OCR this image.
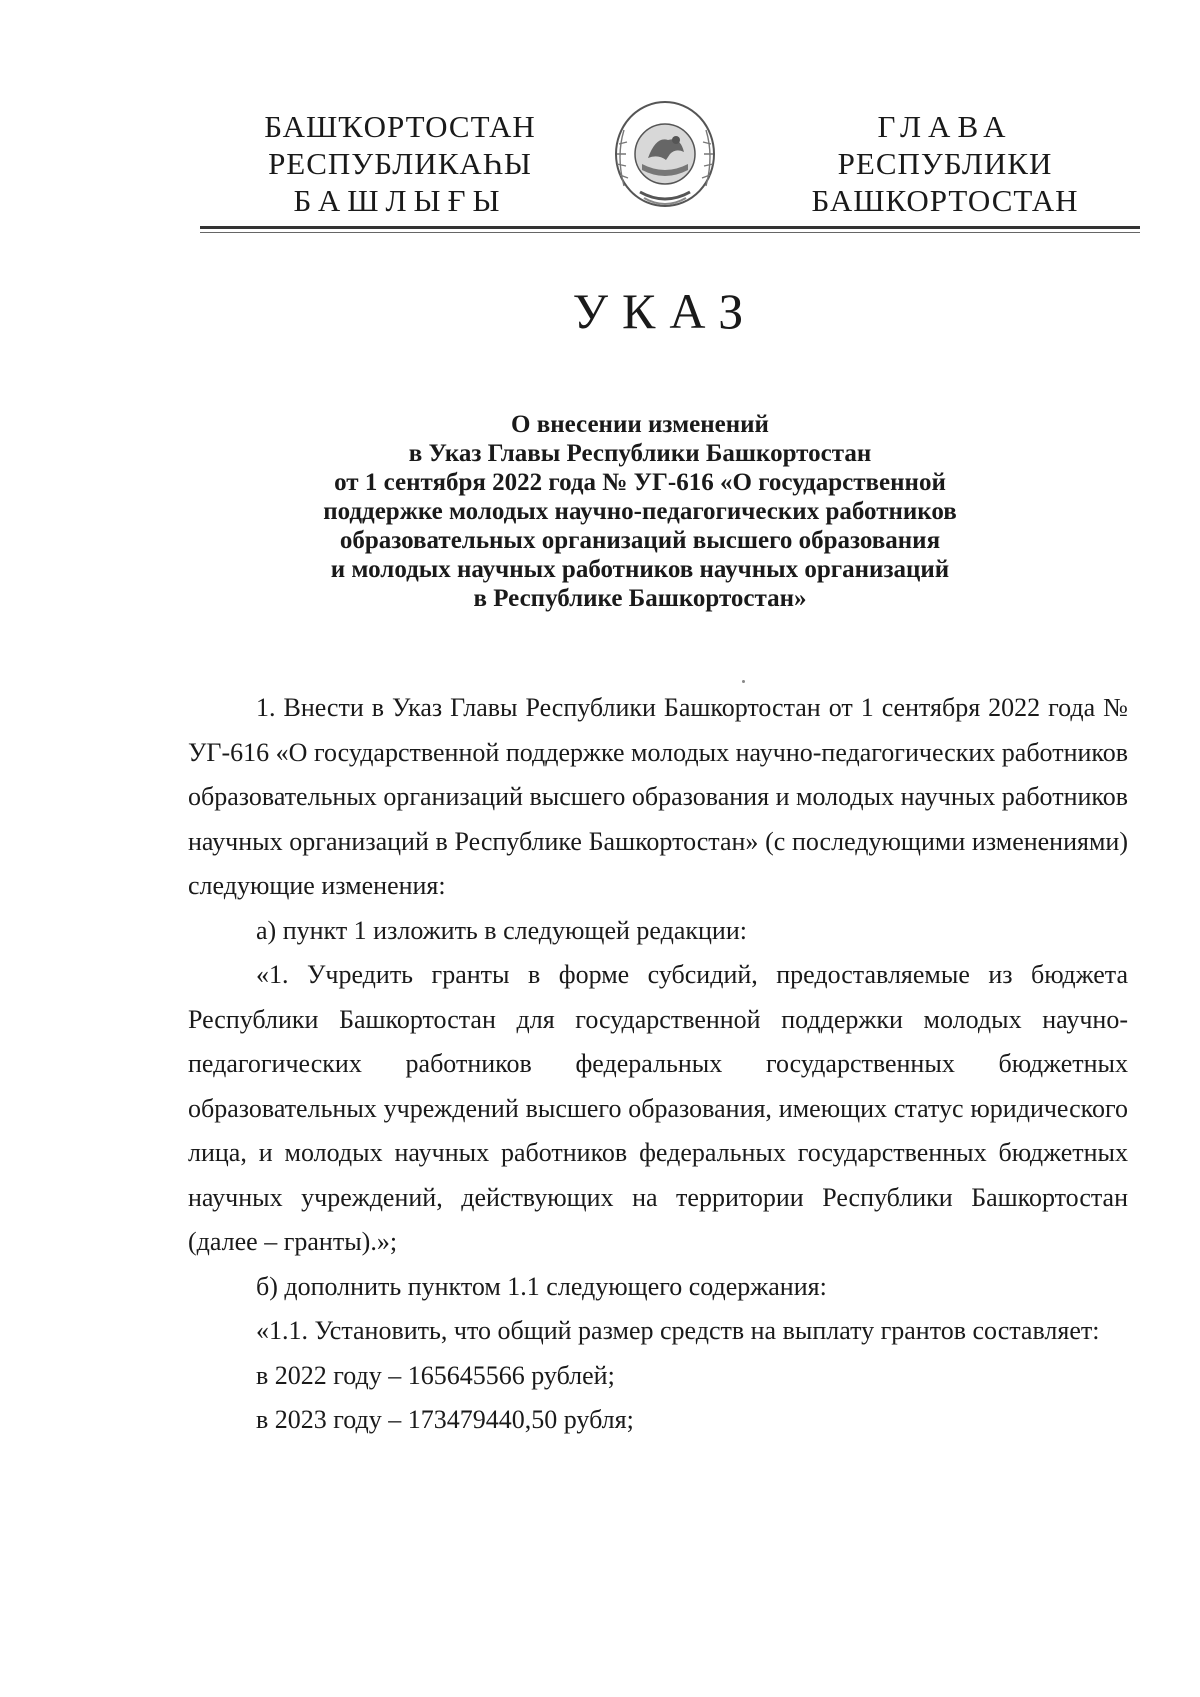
БАШҠОРТОСТАН
РЕСПУБЛИКАҺЫ
БАШЛЫҒЫ
ГЛАВА
РЕСПУБЛИКИ
БАШКОРТОСТАН
УКАЗ
О внесении изменений
в Указ Главы Республики Башкортостан
от 1 сентября 2022 года № УГ-616 «О государственной
поддержке молодых научно-педагогических работников
образовательных организаций высшего образования
и молодых научных работников научных организаций
в Республике Башкортостан»

1. Внести в Указ Главы Республики Башкортостан от 1 сентября 2022 года № УГ-616 «О государственной поддержке молодых научно-педагогических работников образовательных организаций высшего образования и молодых научных работников научных организаций в Республике Башкортостан» (с последующими изменениями) следующие изменения:

а) пункт 1 изложить в следующей редакции:

«1. Учредить гранты в форме субсидий, предоставляемые из бюджета Республики Башкортостан для государственной поддержки молодых научно-педагогических работников федеральных государственных бюджетных образовательных учреждений высшего образования, имеющих статус юридического лица, и молодых научных работников федеральных государственных бюджетных научных учреждений, действующих на территории Республики Башкортостан (далее – гранты).»;

б) дополнить пунктом 1.1 следующего содержания:

«1.1. Установить, что общий размер средств на выплату грантов составляет:

в 2022 году – 165645566 рублей;

в 2023 году – 173479440,50 рубля;
